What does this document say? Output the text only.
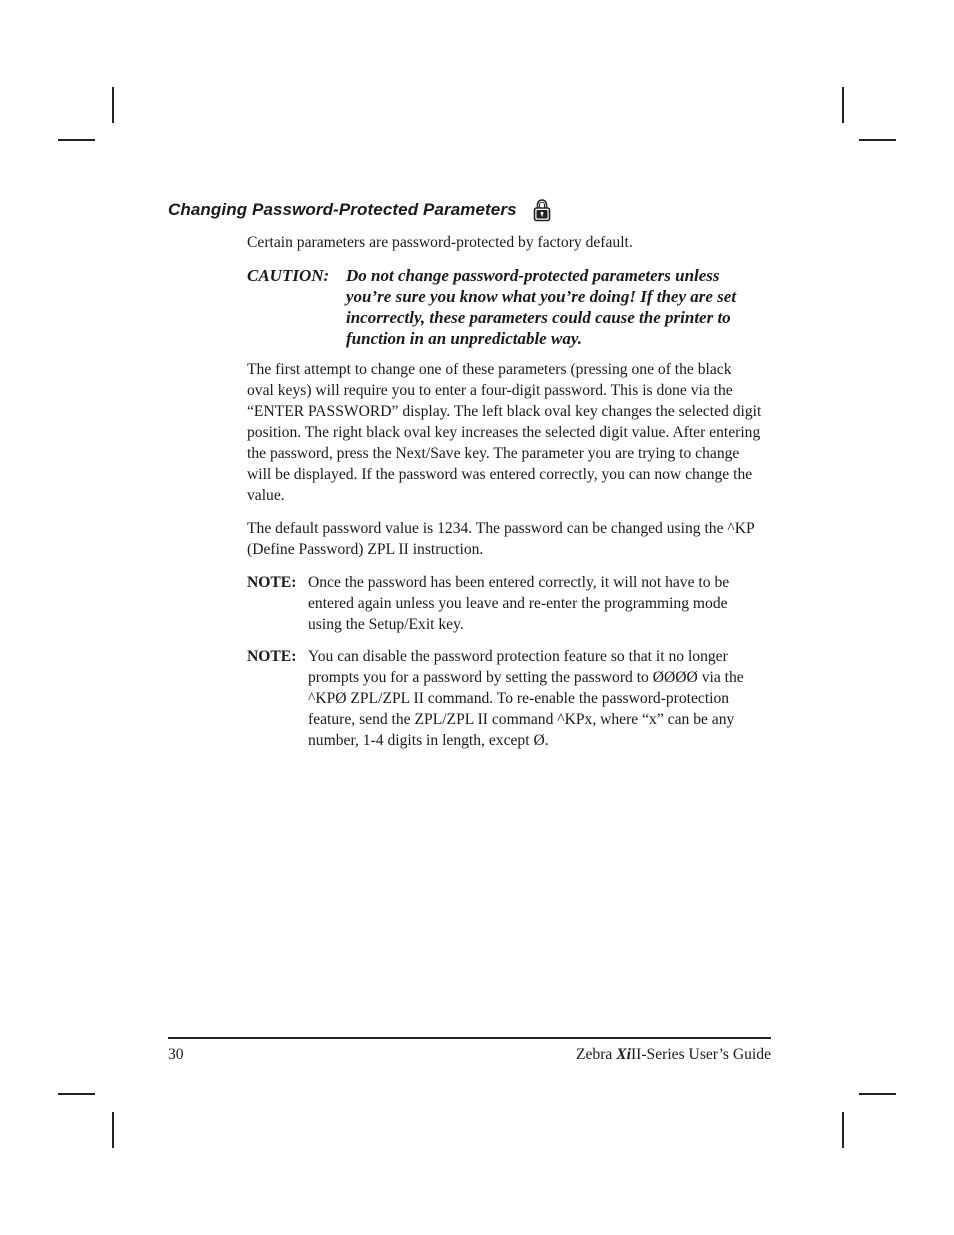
Changing Password-Protected Parameters

Certain parameters are password-protected by factory default.

CAUTION: Do not change password-protected parameters unless you’re sure you know what you’re doing! If they are set incorrectly, these parameters could cause the printer to function in an unpredictable way.

The first attempt to change one of these parameters (pressing one of the black oval keys) will require you to enter a four-digit password. This is done via the “ENTER PASSWORD” display. The left black oval key changes the selected digit position. The right black oval key increases the selected digit value. After entering the password, press the Next/Save key. The parameter you are trying to change will be displayed. If the password was entered correctly, you can now change the value.

The default password value is 1234. The password can be changed using the ^KP (Define Password) ZPL II instruction.

NOTE: Once the password has been entered correctly, it will not have to be entered again unless you leave and re-enter the programming mode using the Setup/Exit key.
NOTE: You can disable the password protection feature so that it no longer prompts you for a password by setting the password to ØØØØ via the ^KPØ ZPL/ZPL II command. To re-enable the password-protection feature, send the ZPL/ZPL II command ^KPx, where “x” can be any number, 1-4 digits in length, except Ø.
30	Zebra XiII-Series User’s Guide
